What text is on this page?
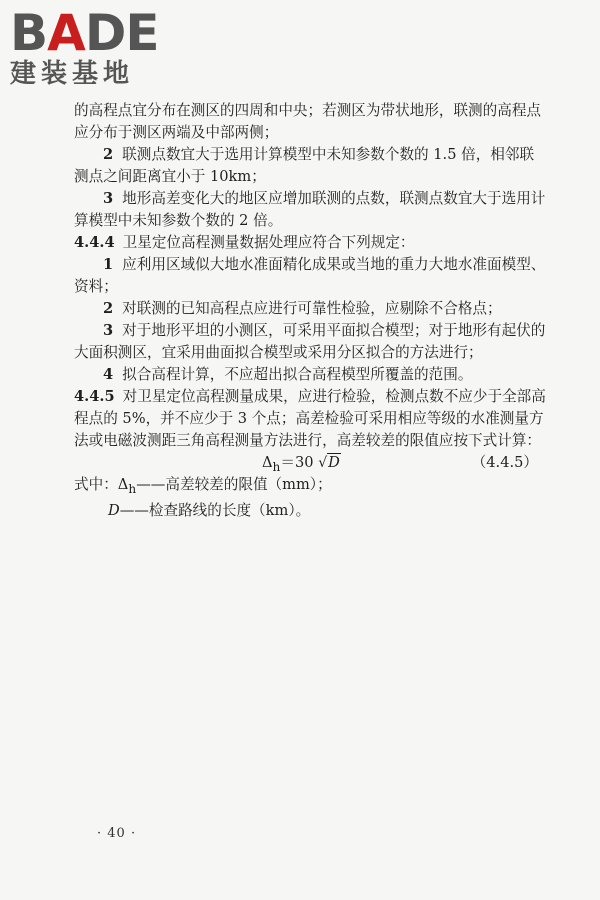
BADE
建装基地

的高程点宜分布在测区的四周和中央；若测区为带状地形，联测的高程点应分布于测区两端及中部两侧；

2 联测点数宜大于选用计算模型中未知参数个数的 1.5 倍，相邻联测点之间距离宜小于 10km；

3 地形高差变化大的地区应增加联测的点数，联测点数宜大于选用计算模型中未知参数个数的 2 倍。

4.4.4 卫星定位高程测量数据处理应符合下列规定：

1 应利用区域似大地水准面精化成果或当地的重力大地水准面模型、资料；

2 对联测的已知高程点应进行可靠性检验，应剔除不合格点；

3 对于地形平坦的小测区，可采用平面拟合模型；对于地形有起伏的大面积测区，宜采用曲面拟合模型或采用分区拟合的方法进行；

4 拟合高程计算，不应超出拟合高程模型所覆盖的范围。

4.4.5 对卫星定位高程测量成果，应进行检验，检测点数不应少于全部高程点的 5%，并不应少于 3 个点；高差检验可采用相应等级的水准测量方法或电磁波测距三角高程测量方法进行，高差较差的限值应按下式计算：

$\Delta_h=30$ √D	（4.4.5）

式中：$\Delta_h——$高差较差的限值（mm）；

D——检查路线的长度（km）。

· 40 ·
